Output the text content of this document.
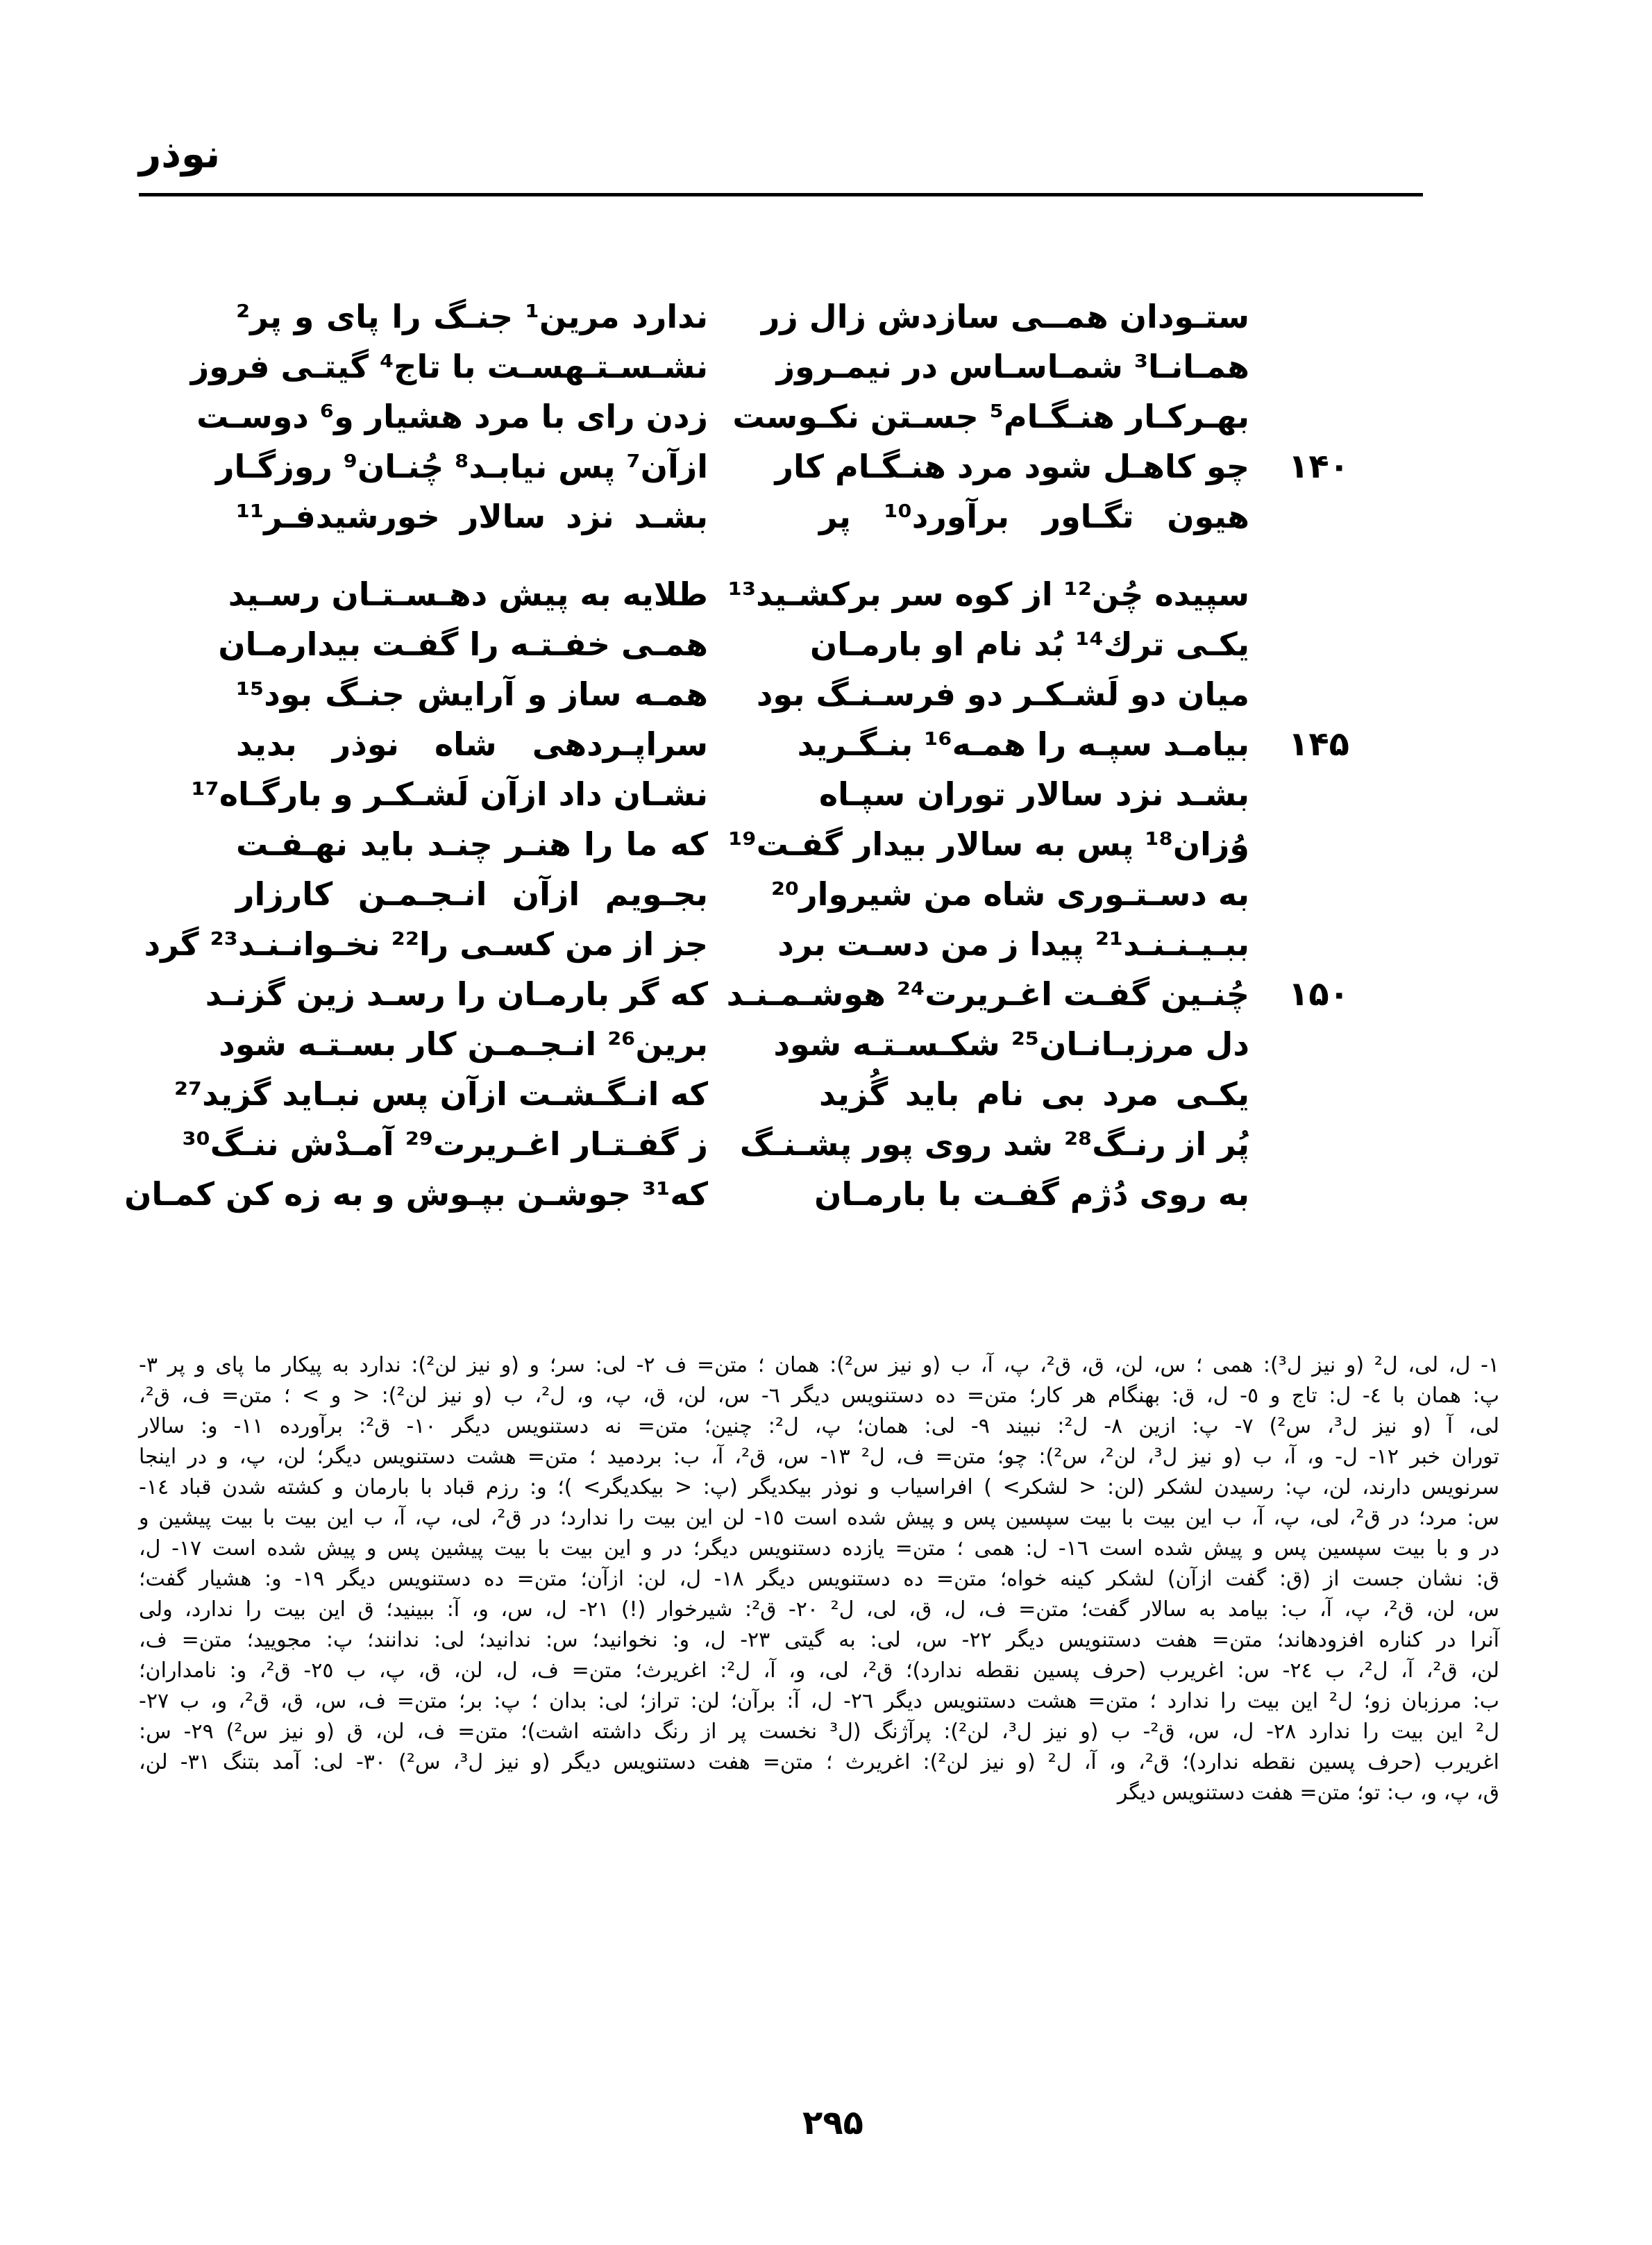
نوذر
ستـودان همــی سازدش زال زر
ندارد مرین¹ جنـگ را پای و پر²
همـانـا³ شمـاسـاس در نیمـروز
نشـسـتـهسـت با تاج⁴ گیتـی فروز
بهـرکـار هنـگـام⁵ جسـتن نکـوست
زدن رای با مرد هشیار و⁶ دوسـت
۱۴۰
چو کاهـل شود مرد هنـگـام کار
ازآن⁷ پس نیابـد⁸ چُنـان⁹ روزگـار
هیون تگـاور برآورد¹⁰ پر
بشـد نزد سالار خورشیدفـر¹¹
سپیده چُن¹² از کوه سر برکشـید¹³
طلایه به پیش دهـسـتـان رسـید
یکـی ترك¹⁴ بُد نام او بارمـان
همـی خفـتـه را گفـت بیدارمـان
میان دو لَشـکـر دو فرسـنـگ بود
همـه ساز و آرایش جنـگ بود¹⁵
۱۴۵
بیامـد سپـه را همـه¹⁶ بنـگـرید
سراپـردهی شاه نوذر بدید
بشـد نزد سالار توران سپـاه
نشـان داد ازآن لَشـکـر و بارگـاه¹⁷
وُزان¹⁸ پس به سالار بیدار گفـت¹⁹
که ما را هنـر چنـد باید نهـفـت
به دسـتـوری شاه من شیروار²⁰
بجـویم ازآن انـجـمـن کارزار
ببـیـنـنـد²¹ پیدا ز من دسـت برد
جز از من کسـی را²² نخـوانـنـد²³ گرد
۱۵۰
چُنـین گفـت اغـریرت²⁴ هوشـمـنـد
که گر بارمـان را رسـد زین گزنـد
دل مرزبـانـان²⁵ شکـسـتـه شود
برین²⁶ انـجـمـن کار بسـتـه شود
یکـی مرد بی نام باید گُزید
که انـگـشـت ازآن پس نبـاید گزید²⁷
پُر از رنـگ²⁸ شد روی پور پشـنـگ
ز گفـتـار اغـریرت²⁹ آمـدْش ننـگ³⁰
به روی دُژم گفـت با بارمـان
که³¹ جوشـن بپـوش و به زه کن کمـان
۱- ل، لی، ل² (و نیز ل³): همی ؛ س، لن، ق، ق²، پ، آ، ب (و نیز س²): همان ؛ متن= ف ۲- لی: سر؛ و (و نیز لن²): ندارد به پیکار ما پای و پر ۳-
پ: همان با ٤- ل: تاج و ٥- ل، ق: بهنگام هر کار؛ متن= ده دستنویس دیگر ٦- س، لن، ق، پ، و، ل²، ب (و نیز لن²): < و > ؛ متن= ف، ق²،
لی، آ (و نیز ل³، س²) ۷- پ: ازین ۸- ل²: نبیند ۹- لی: همان؛ پ، ل²: چنین؛ متن= نه دستنویس دیگر ۱۰- ق²: برآورده ۱۱- و: سالار
توران خبر ۱۲- ل- و، آ، ب (و نیز ل³، لن²، س²): چو؛ متن= ف، ل² ۱۳- س، ق²، آ، ب: بردمید ؛ متن= هشت دستنویس دیگر؛ لن، پ، و در اینجا
سرنویس دارند، لن، پ: رسیدن لشکر (لن: < لشکر> ) افراسیاب و نوذر بیکدیگر (پ: < بیکدیگر> )؛ و: رزم قباد با بارمان و کشته شدن قباد ۱٤-
س: مرد؛ در ق²، لی، پ، آ، ب این بیت با بیت سپسین پس و پیش شده است ۱٥- لن این بیت را ندارد؛ در ق²، لی، پ، آ، ب این بیت با بیت پیشین و
در و با بیت سپسین پس و پیش شده است ۱٦- ل: همی ؛ متن= یازده دستنویس دیگر؛ در و این بیت با بیت پیشین پس و پیش شده است ۱۷- ل،
ق: نشان جست از (ق: گفت ازآن) لشکر کینه خواه؛ متن= ده دستنویس دیگر ۱۸- ل، لن: ازآن؛ متن= ده دستنویس دیگر ۱۹- و: هشیار گفت؛
س، لن، ق²، پ، آ، ب: بیامد به سالار گفت؛ متن= ف، ل، ق، لی، ل² ۲۰- ق²: شیرخوار (!) ۲۱- ل، س، و، آ: ببینید؛ ق این بیت را ندارد، ولی
آنرا در کناره افزودهاند؛ متن= هفت دستنویس دیگر ۲۲- س، لی: به گیتی ۲۳- ل، و: نخوانید؛ س: ندانید؛ لی: ندانند؛ پ: مجویید؛ متن= ف،
لن، ق²، آ، ل²، ب ۲٤- س: اغریرب (حرف پسین نقطه ندارد)؛ ق²، لی، و، آ، ل²: اغریرث؛ متن= ف، ل، لن، ق، پ، ب ۲٥- ق²، و: نامداران؛
ب: مرزبان زو؛ ل² این بیت را ندارد ؛ متن= هشت دستنویس دیگر ۲٦- ل، آ: برآن؛ لن: تراز؛ لی: بدان ؛ پ: بر؛ متن= ف، س، ق، ق²، و، ب ۲۷-
ل² این بیت را ندارد ۲۸- ل، س، ق²- ب (و نیز ل³، لن²): پرآژنگ (ل³ نخست پر از رنگ داشته اشت)؛ متن= ف، لن، ق (و نیز س²) ۲۹- س:
اغریرب (حرف پسین نقطه ندارد)؛ ق²، و، آ، ل² (و نیز لن²): اغریرث ؛ متن= هفت دستنویس دیگر (و نیز ل³، س²) ۳۰- لی: آمد بتنگ ۳۱- لن،
ق، پ، و، ب: تو؛ متن= هفت دستنویس دیگر
۲۹۵
